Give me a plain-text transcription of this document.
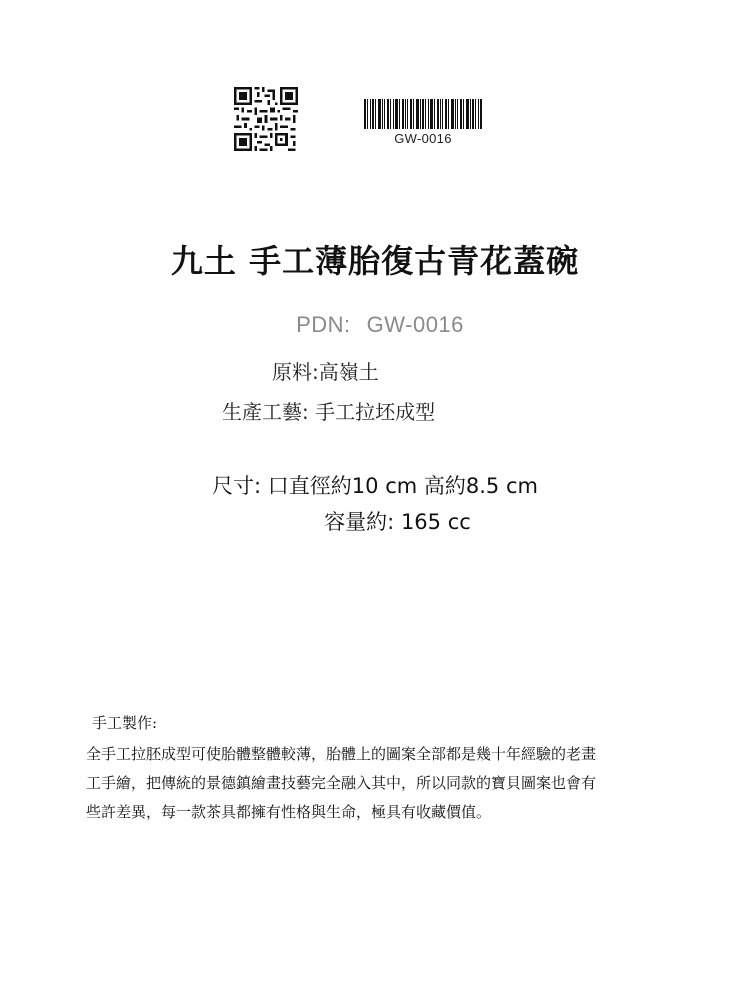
GW-0016
九土 手工薄胎復古青花蓋碗
PDN: GW-0016
原料:高嶺土
生產工藝: 手工拉坯成型
尺寸: 口直徑約10 cm 高約8.5 cm
容量約: 165 cc
手工製作:
全手工拉胚成型可使胎體整體較薄，胎體上的圖案全部都是幾十年經驗的老畫
工手繪，把傳統的景德鎮繪畫技藝完全融入其中，所以同款的寶貝圖案也會有
些許差異，每一款茶具都擁有性格與生命，極具有收藏價值。
